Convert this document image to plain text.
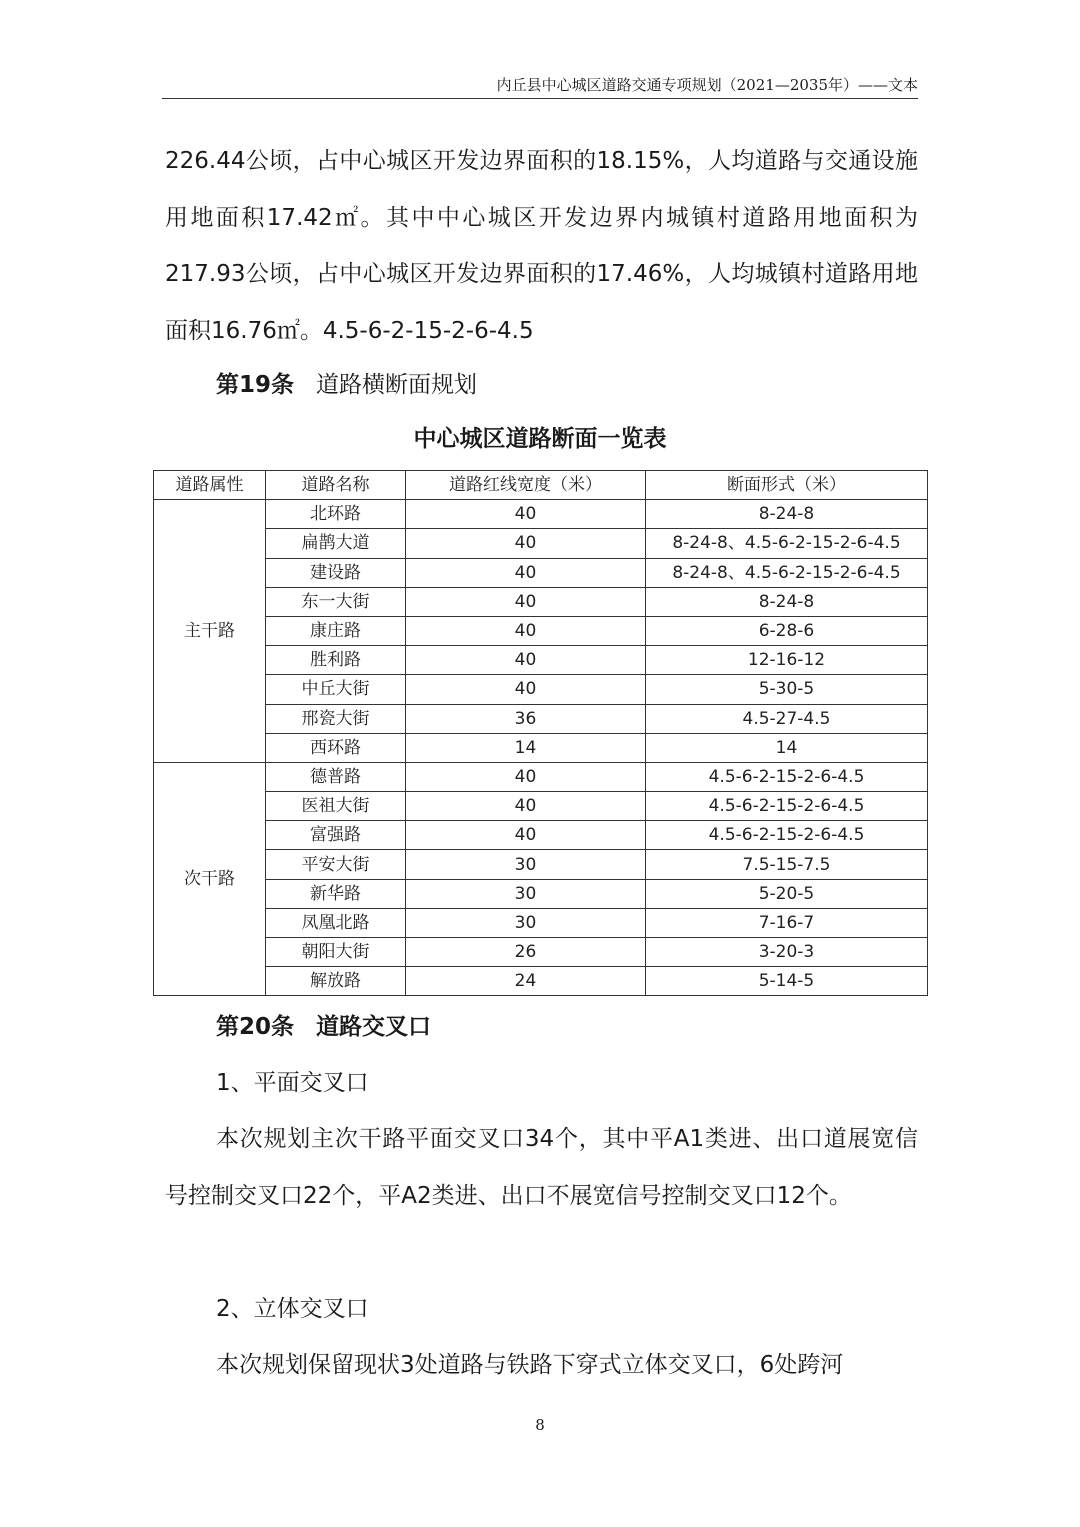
内丘县中心城区道路交通专项规划（2021—2035年）——文本

226.44公顷，占中心城区开发边界面积的18.15%，人均道路与交通设施用地面积17.42㎡。其中中心城区开发边界内城镇村道路用地面积为217.93公顷，占中心城区开发边界面积的17.46%，人均城镇村道路用地面积16.76㎡。4.5-6-2-15-2-6-4.5

第19条 道路横断面规划
中心城区道路断面一览表
道路属性	道路名称	道路红线宽度（米）	断面形式（米）
主干路	北环路	40	8-24-8
	扁鹊大道	40	8-24-8、4.5-6-2-15-2-6-4.5
	建设路	40	8-24-8、4.5-6-2-15-2-6-4.5
	东一大街	40	8-24-8
	康庄路	40	6-28-6
	胜利路	40	12-16-12
	中丘大街	40	5-30-5
	邢瓷大街	36	4.5-27-4.5
	西环路	14	14
次干路	德普路	40	4.5-6-2-15-2-6-4.5
	医祖大街	40	4.5-6-2-15-2-6-4.5
	富强路	40	4.5-6-2-15-2-6-4.5
	平安大街	30	7.5-15-7.5
	新华路	30	5-20-5
	凤凰北路	30	7-16-7
	朝阳大街	26	3-20-3
	解放路	24	5-14-5
第20条 道路交叉口
1、平面交叉口

本次规划主次干路平面交叉口34个，其中平A1类进、出口道展宽信号控制交叉口22个，平A2类进、出口不展宽信号控制交叉口12个。

2、立体交叉口

本次规划保留现状3处道路与铁路下穿式立体交叉口，6处跨河

8
